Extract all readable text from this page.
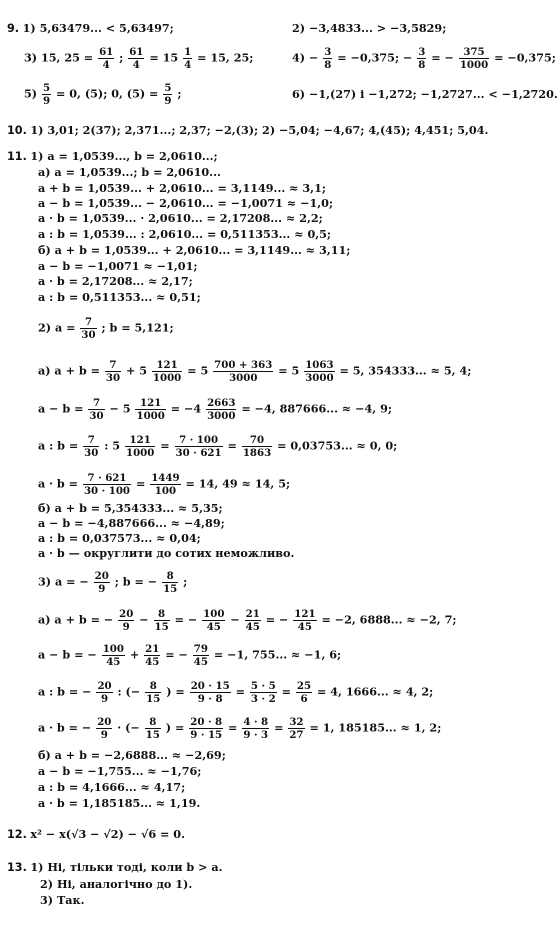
9. 1) 5,63479... < 5,63497;	2) −3,4833... > −3,5829;
3) 15, $25 = \frac{61}{4}$ ; $\frac{61}{4} = 15 \frac{1}{4} = 15$, 25;	$4) - \frac{3}{8} = -0,375$; − $\frac{3}{8}$ = − $\frac{375}{1000} = -0,375$;
$5) \frac{5}{9} = 0$, (5); 0, $(5) = \frac{5}{9}$ ;	6) −1,(27) і −1,272; −1,2727... < −1,2720.
10. 1) 3,01; 2(37); 2,371...; 2,37; −2,(3); 2) −5,04; −4,67; 4,(45); 4,451; 5,04.
11. 1) a = 1,0539..., b = 2,0610...;
а) a = 1,0539...; b = 2,0610...
a + b = 1,0539... + 2,0610... = 3,1149... ≈ 3,1;
a − b = 1,0539... − 2,0610... = −1,0071 ≈ −1,0;
a · b = 1,0539... · 2,0610... = 2,17208... ≈ 2,2;
a : b = 1,0539... : 2,0610... = 0,511353... ≈ 0,5;
б) a + b = 1,0539... + 2,0610... = 3,1149... ≈ 3,11;
a − b = −1,0071 ≈ −1,01;
a · b = 2,17208... ≈ 2,17;
a : b = 0,511353... ≈ 0,51;
2) $a = \frac{7}{30}$ ; b = 5,121;
а) $a + b = \frac{7}{30} + 5 \frac{121}{1000} = 5 \frac{700 + 363}{3000} = 5 \frac{1063}{3000} = 5$, 354333... ≈ 5, 4;
$a - b = \frac{7}{30} - 5 \frac{121}{1000} = -4 \frac{2663}{3000} = -4$, 887666... ≈ −4, 9;
a : $b = \frac{7}{30}$ : $5 \frac{121}{1000} = \frac{7 \cdot 100}{30 \cdot 621} = \frac{70}{1863} = 0,03753$... ≈ 0, 0;
$a \cdot b = \frac{7 \cdot 621}{30 \cdot 100} = \frac{1449}{100} = 14$, 49 ≈ 14, 5;
б) a + b = 5,354333... ≈ 5,35;
a − b = −4,887666... ≈ −4,89;
a : b = 0,037573... ≈ 0,04;
a · b — округлити до сотих неможливо.
3) a = − $\frac{20}{9}$ ; b = − $\frac{8}{15}$ ;
а) a + b = − $\frac{20}{9} - \frac{8}{15}$ = − $\frac{100}{45} - \frac{21}{45}$ = − $\frac{121}{45} = -2$, 6888... ≈ −2, 7;
a − b = − $\frac{100}{45} + \frac{21}{45}$ = − $\frac{79}{45} = -1$, 755... ≈ −1, 6;
a : b = − $\frac{20}{9}$ : (− $\frac{8}{15}$ ) = $\frac{20 \cdot 15}{9 \cdot 8} = \frac{5 \cdot 5}{3 \cdot 2} = \frac{25}{6} = 4$, 1666... ≈ 4, 2;
a · b = − $\frac{20}{9}$ · (− $\frac{8}{15}$ ) = $\frac{20 \cdot 8}{9 \cdot 15} = \frac{4 \cdot 8}{9 \cdot 3} = \frac{32}{27} = 1$, 185185... ≈ 1, 2;
б) a + b = −2,6888... ≈ −2,69;
a − b = −1,755... ≈ −1,76;
a : b = 4,1666... ≈ 4,17;
a · b = 1,185185... ≈ 1,19.
12. x² − x(√3 − √2) − √6 = 0.
13. 1) Ні, тільки тоді, коли b > a.
2) Ні, аналогічно до 1).
3) Так.
